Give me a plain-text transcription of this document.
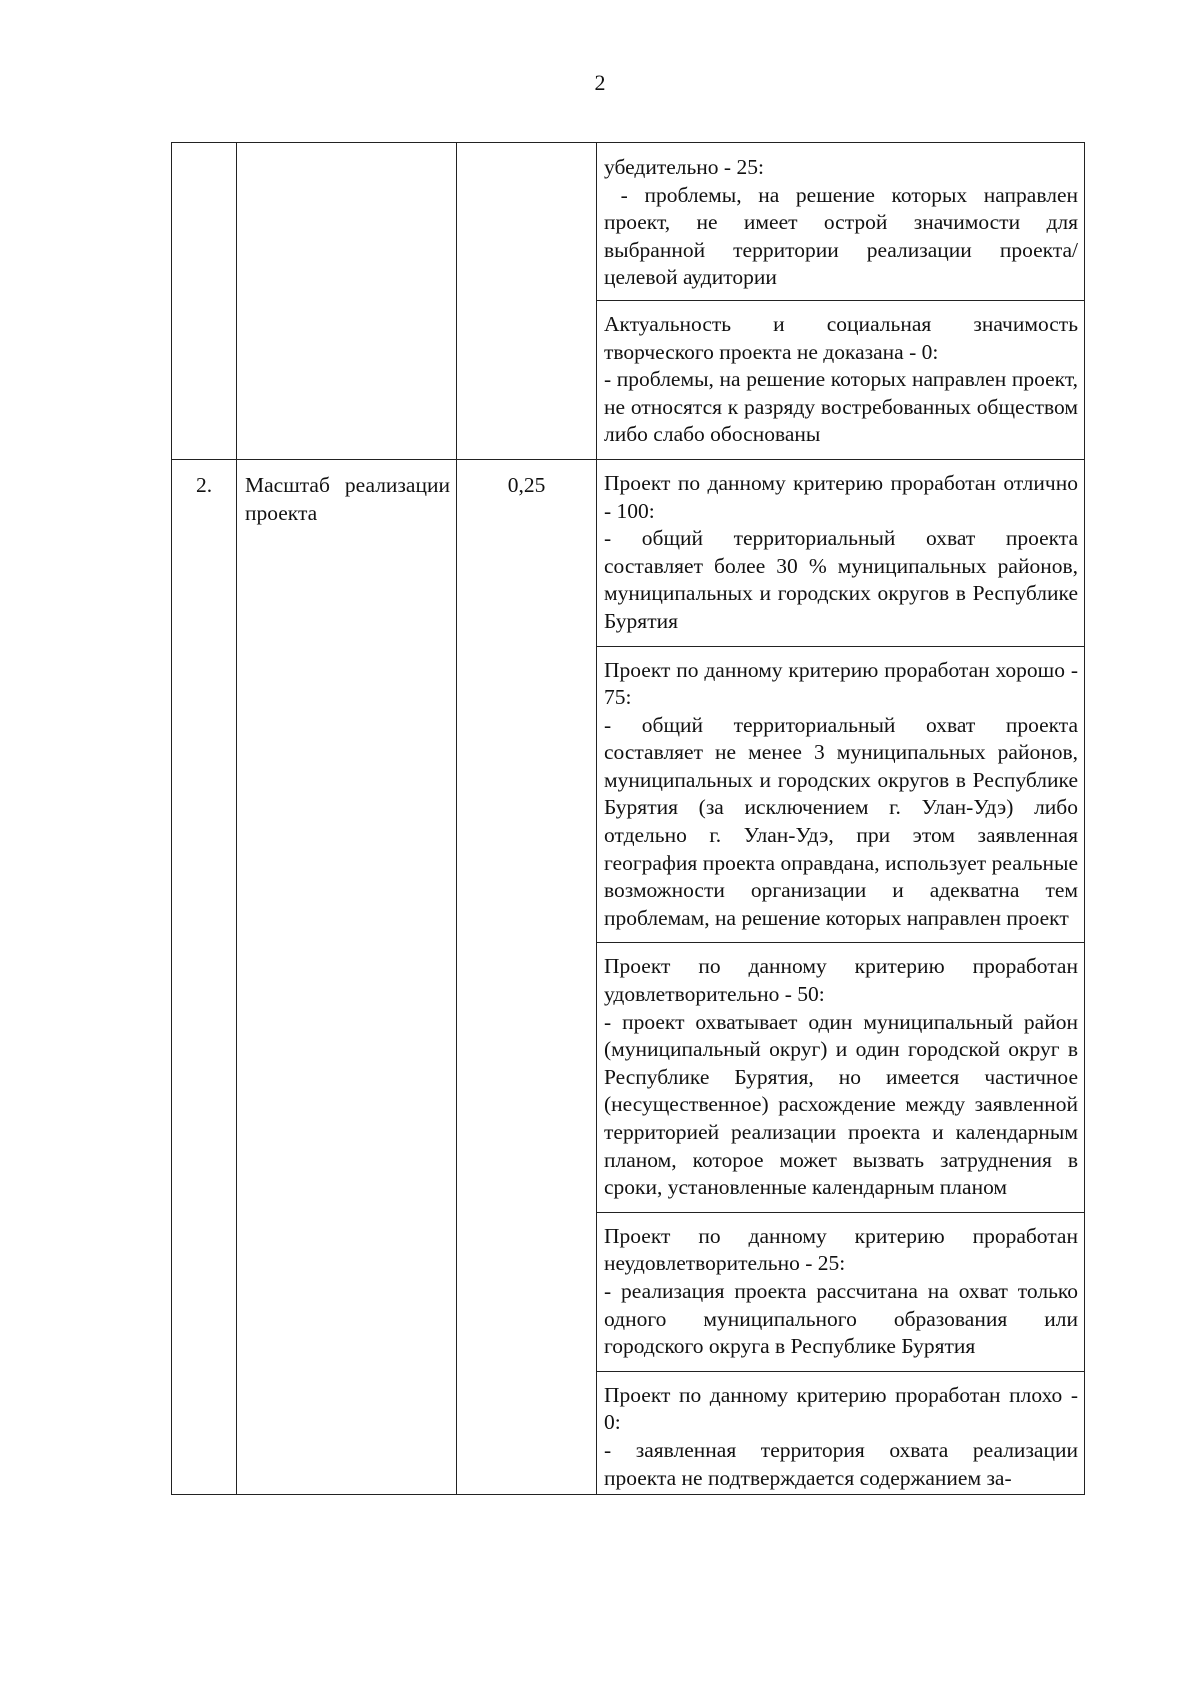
2

			убедительно - 25:

- проблемы, на решение которых направлен проект, не имеет острой значимости для выбранной территории реализации проекта/целевой аудитории

			Актуальность и социальная значимость творческого проекта не доказана - 0:

- проблемы, на решение которых направлен проект, не относятся к разряду востребованных обществом либо слабо обоснованы

2.	Масштаб реализации проекта	0,25	Проект по данному критерию проработан отлично - 100:

- общий территориальный охват проекта составляет более 30 % муниципальных районов, муниципальных и городских округов в Республике Бурятия

			Проект по данному критерию проработан хорошо - 75:

- общий территориальный охват проекта составляет не менее 3 муниципальных районов, муниципальных и городских округов в Республике Бурятия (за исключением г. Улан-Удэ) либо отдельно г. Улан-Удэ, при этом заявленная география проекта оправдана, использует реальные возможности организации и адекватна тем проблемам, на решение которых направлен проект

			Проект по данному критерию проработан удовлетворительно - 50:

- проект охватывает один муниципальный район (муниципальный округ) и один городской округ в Республике Бурятия, но имеется частичное (несущественное) расхождение между заявленной территорией реализации проекта и календарным планом, которое может вызвать затруднения в сроки, установленные календарным планом

			Проект по данному критерию проработан неудовлетворительно - 25:

- реализация проекта рассчитана на охват только одного муниципального образования или городского округа в Республике Бурятия

			Проект по данному критерию проработан плохо - 0:

- заявленная территория охвата реализации проекта не подтверждается содержанием за-
